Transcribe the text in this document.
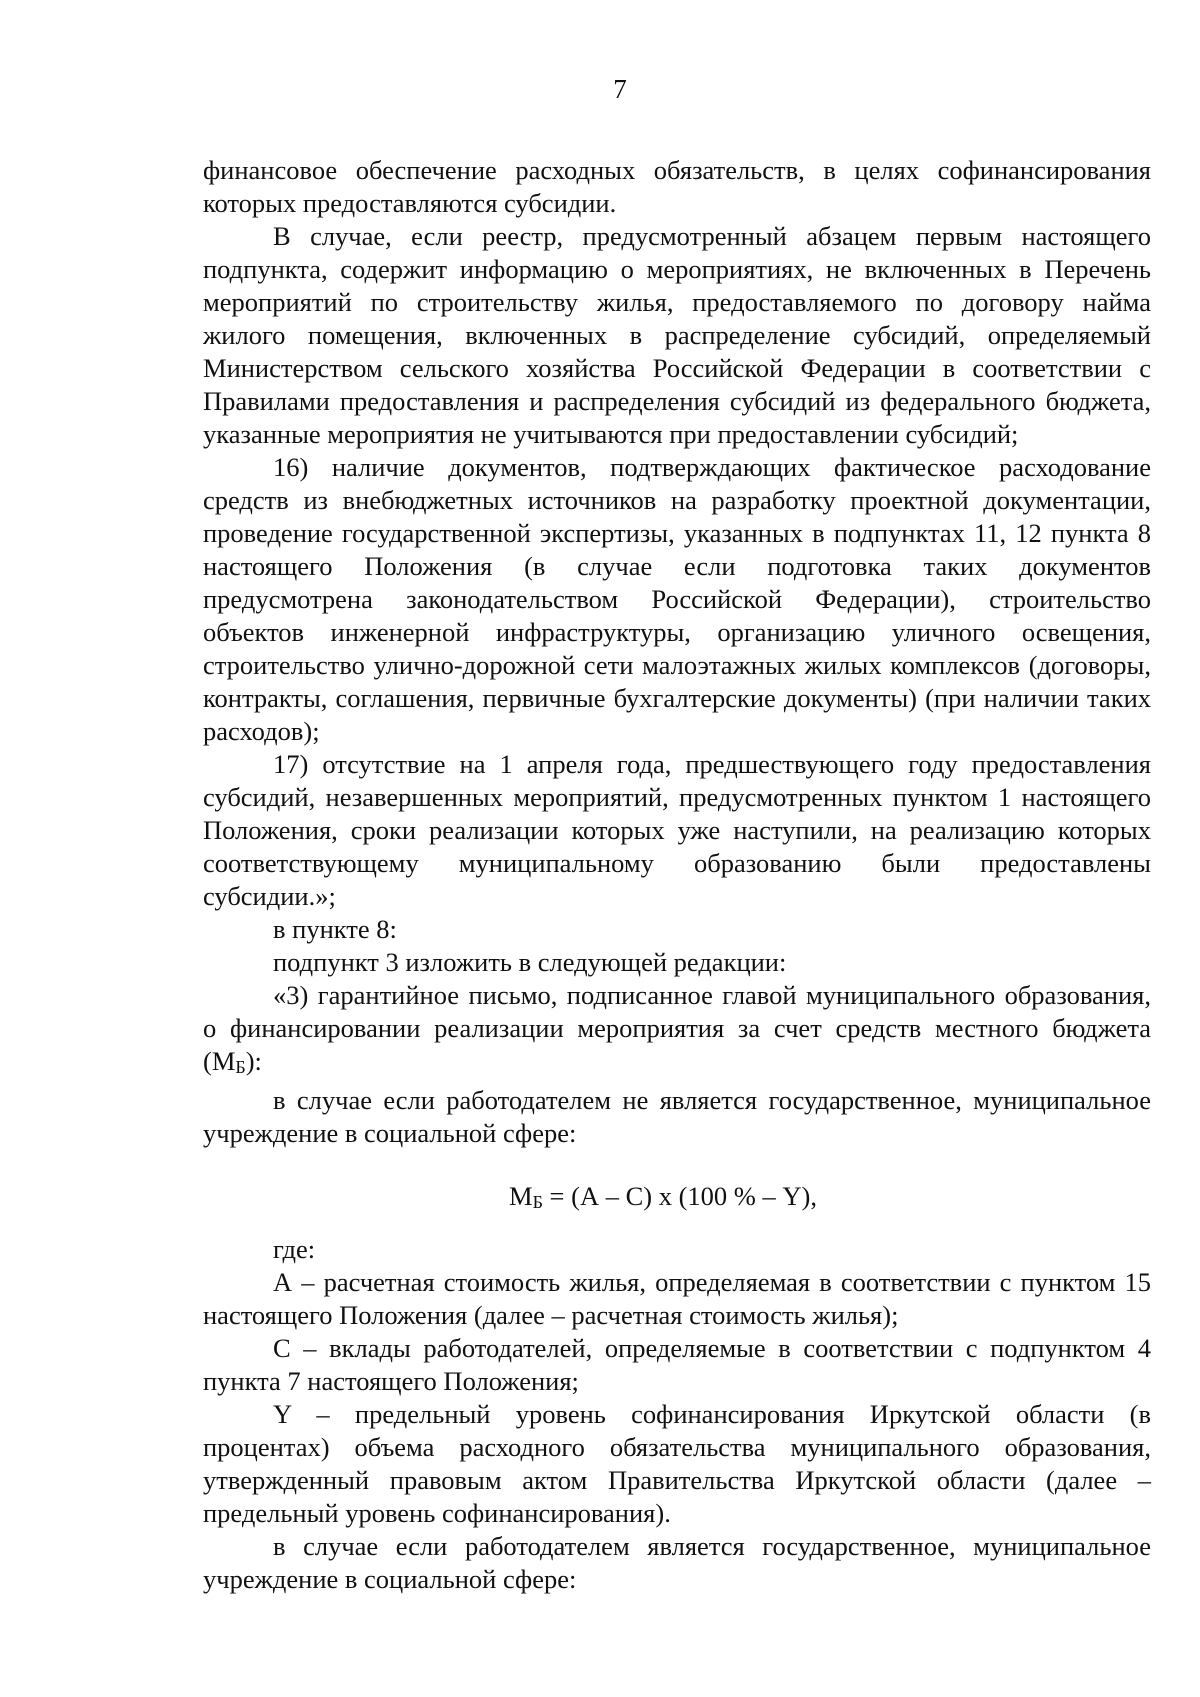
7

финансовое обеспечение расходных обязательств, в целях софинансирования которых предоставляются субсидии.

В случае, если реестр, предусмотренный абзацем первым настоящего подпункта, содержит информацию о мероприятиях, не включенных в Перечень мероприятий по строительству жилья, предоставляемого по договору найма жилого помещения, включенных в распределение субсидий, определяемый Министерством сельского хозяйства Российской Федерации в соответствии с Правилами предоставления и распределения субсидий из федерального бюджета, указанные мероприятия не учитываются при предоставлении субсидий;

16) наличие документов, подтверждающих фактическое расходование средств из внебюджетных источников на разработку проектной документации, проведение государственной экспертизы, указанных в подпунктах 11, 12 пункта 8 настоящего Положения (в случае если подготовка таких документов предусмотрена законодательством Российской Федерации), строительство объектов инженерной инфраструктуры, организацию уличного освещения, строительство улично-дорожной сети малоэтажных жилых комплексов (договоры, контракты, соглашения, первичные бухгалтерские документы) (при наличии таких расходов);

17) отсутствие на 1 апреля года, предшествующего году предоставления субсидий, незавершенных мероприятий, предусмотренных пунктом 1 настоящего Положения, сроки реализации которых уже наступили, на реализацию которых соответствующему муниципальному образованию были предоставлены субсидии.»;

в пункте 8:

подпункт 3 изложить в следующей редакции:

«3) гарантийное письмо, подписанное главой муниципального образования, о финансировании реализации мероприятия за счет средств местного бюджета (МБ):

в случае если работодателем не является государственное, муниципальное учреждение в социальной сфере:

МБ = (А – С) х (100 % – Y),

где:

А – расчетная стоимость жилья, определяемая в соответствии с пунктом 15 настоящего Положения (далее – расчетная стоимость жилья);

С – вклады работодателей, определяемые в соответствии с подпунктом 4 пункта 7 настоящего Положения;

Y – предельный уровень софинансирования Иркутской области (в процентах) объема расходного обязательства муниципального образования, утвержденный правовым актом Правительства Иркутской области (далее – предельный уровень софинансирования).

в случае если работодателем является государственное, муниципальное учреждение в социальной сфере:
